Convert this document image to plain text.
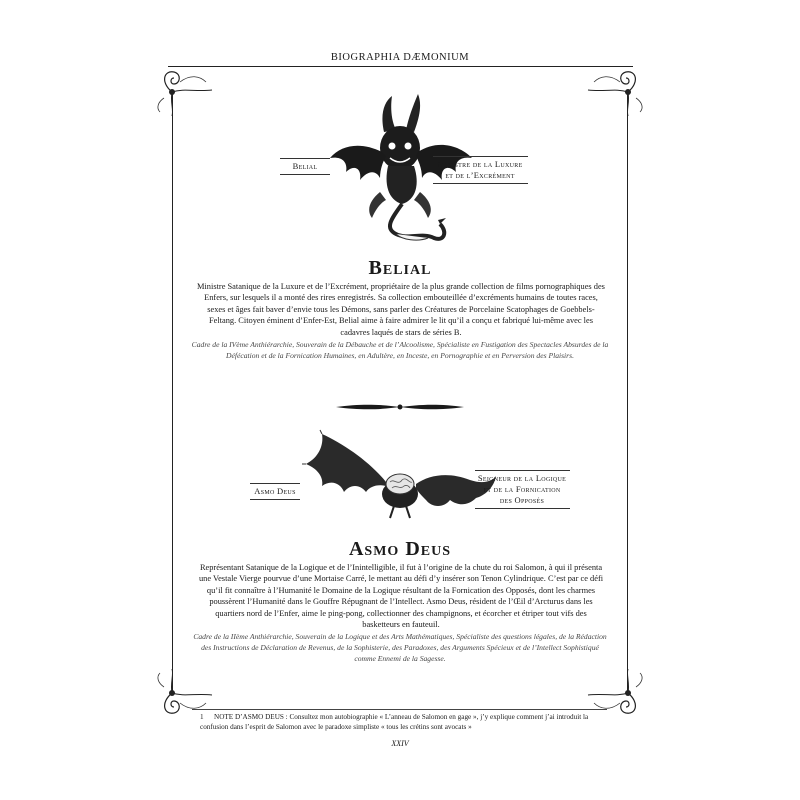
BIOGRAPHIA DÆMONIUM
Belial	Ministre de la Luxure
et de l’Excrément
Belial
Ministre Satanique de la Luxure et de l’Excrément, propriétaire de la plus grande collection de films pornographiques des Enfers, sur lesquels il a monté des rires enregistrés. Sa collection embouteillée d’excréments humains de toutes races, sexes et âges fait baver d’envie tous les Démons, sans parler des Créatures de Porcelaine Scatophages de Goebbels-Feltang. Citoyen éminent d’Enfer-Est, Belial aime à faire admirer le lit qu’il a conçu et fabriqué lui-même avec les cadavres laqués de stars de séries B.
Cadre de la IVème Anthiérarchie, Souverain de la Débauche et de l’Alcoolisme, Spécialiste en Fustigation des Spectacles Absurdes de la Défécation et de la Fornication Humaines, en Adultère, en Inceste, en Pornographie et en Perversion des Plaisirs.
Asmo Deus
Seigneur de la Logique
et de la Fornication
des Opposés
Asmo Deus
Représentant Satanique de la Logique et de l’Inintelligible, il fut à l’origine de la chute du roi Salomon, à qui il présenta une Vestale Vierge pourvue d’une Mortaise Carré, le mettant au défi d’y insérer son Tenon Cylindrique. C’est par ce défi qu’il fit connaître à l’Humanité le Domaine de la Logique résultant de la Fornication des Opposés, dont les charmes poussèrent l’Humanité dans le Gouffre Répugnant de l’Intellect. Asmo Deus, résident de l’Œil d’Arcturus dans les quartiers nord de l’Enfer, aime le ping-pong, collectionner des champignons, et écorcher et étriper tout vifs des basketteurs en fauteuil.
Cadre de la IIème Anthiérarchie, Souverain de la Logique et des Arts Mathématiques, Spécialiste des questions légales, de la Rédaction des Instructions de Déclaration de Revenus, de la Sophisterie, des Paradoxes, des Arguments Spécieux et de l’Intellect Sophistiqué comme Ennemi de la Sagesse.
1 NOTE D’ASMO DEUS : Consultez mon autobiographie « L’anneau de Salomon en gage », j’y explique comment j’ai introduit la confusion dans l’esprit de Salomon avec le paradoxe simpliste « tous les crétins sont avocats »
XXIV
